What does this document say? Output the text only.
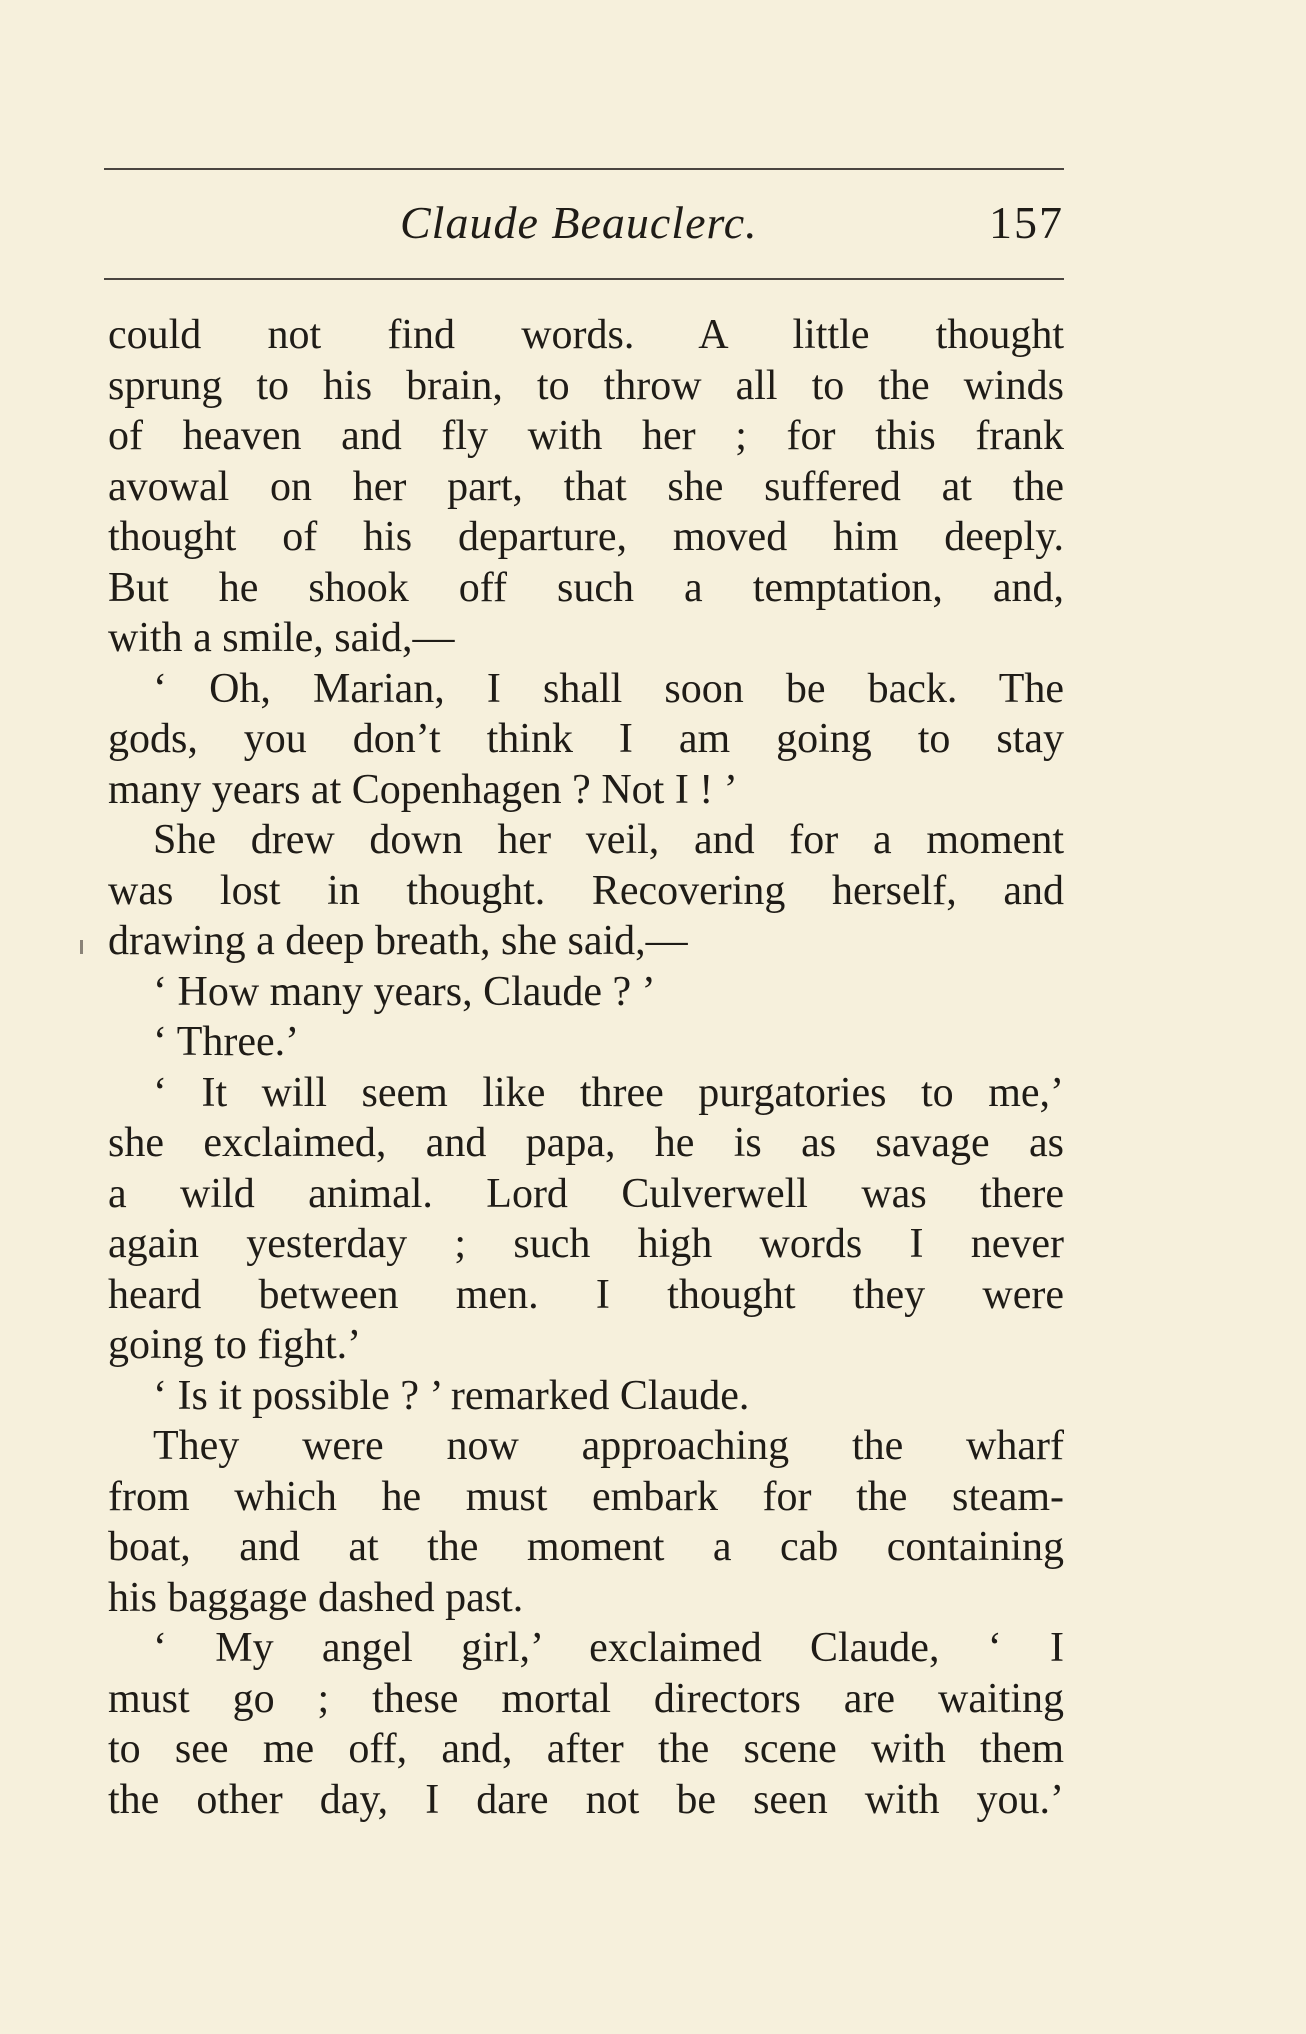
Claude Beauclerc.	157
could not find words. A little thought
sprung to his brain, to throw all to the winds
of heaven and fly with her ; for this frank
avowal on her part, that she suffered at the
thought of his departure, moved him deeply.
But he shook off such a temptation, and,
with a smile, said,—
‘ Oh, Marian, I shall soon be back. The
gods, you don’t think I am going to stay
many years at Copenhagen ? Not I ! ’
She drew down her veil, and for a moment
was lost in thought. Recovering herself, and
drawing a deep breath, she said,—
‘ How many years, Claude ? ’
‘ Three.’
‘ It will seem like three purgatories to me,’
she exclaimed, and papa, he is as savage as
a wild animal. Lord Culverwell was there
again yesterday ; such high words I never
heard between men. I thought they were
going to fight.’
‘ Is it possible ? ’ remarked Claude.
They were now approaching the wharf
from which he must embark for the steam-
boat, and at the moment a cab containing
his baggage dashed past.
‘ My angel girl,’ exclaimed Claude, ‘ I
must go ; these mortal directors are waiting
to see me off, and, after the scene with them
the other day, I dare not be seen with you.’
